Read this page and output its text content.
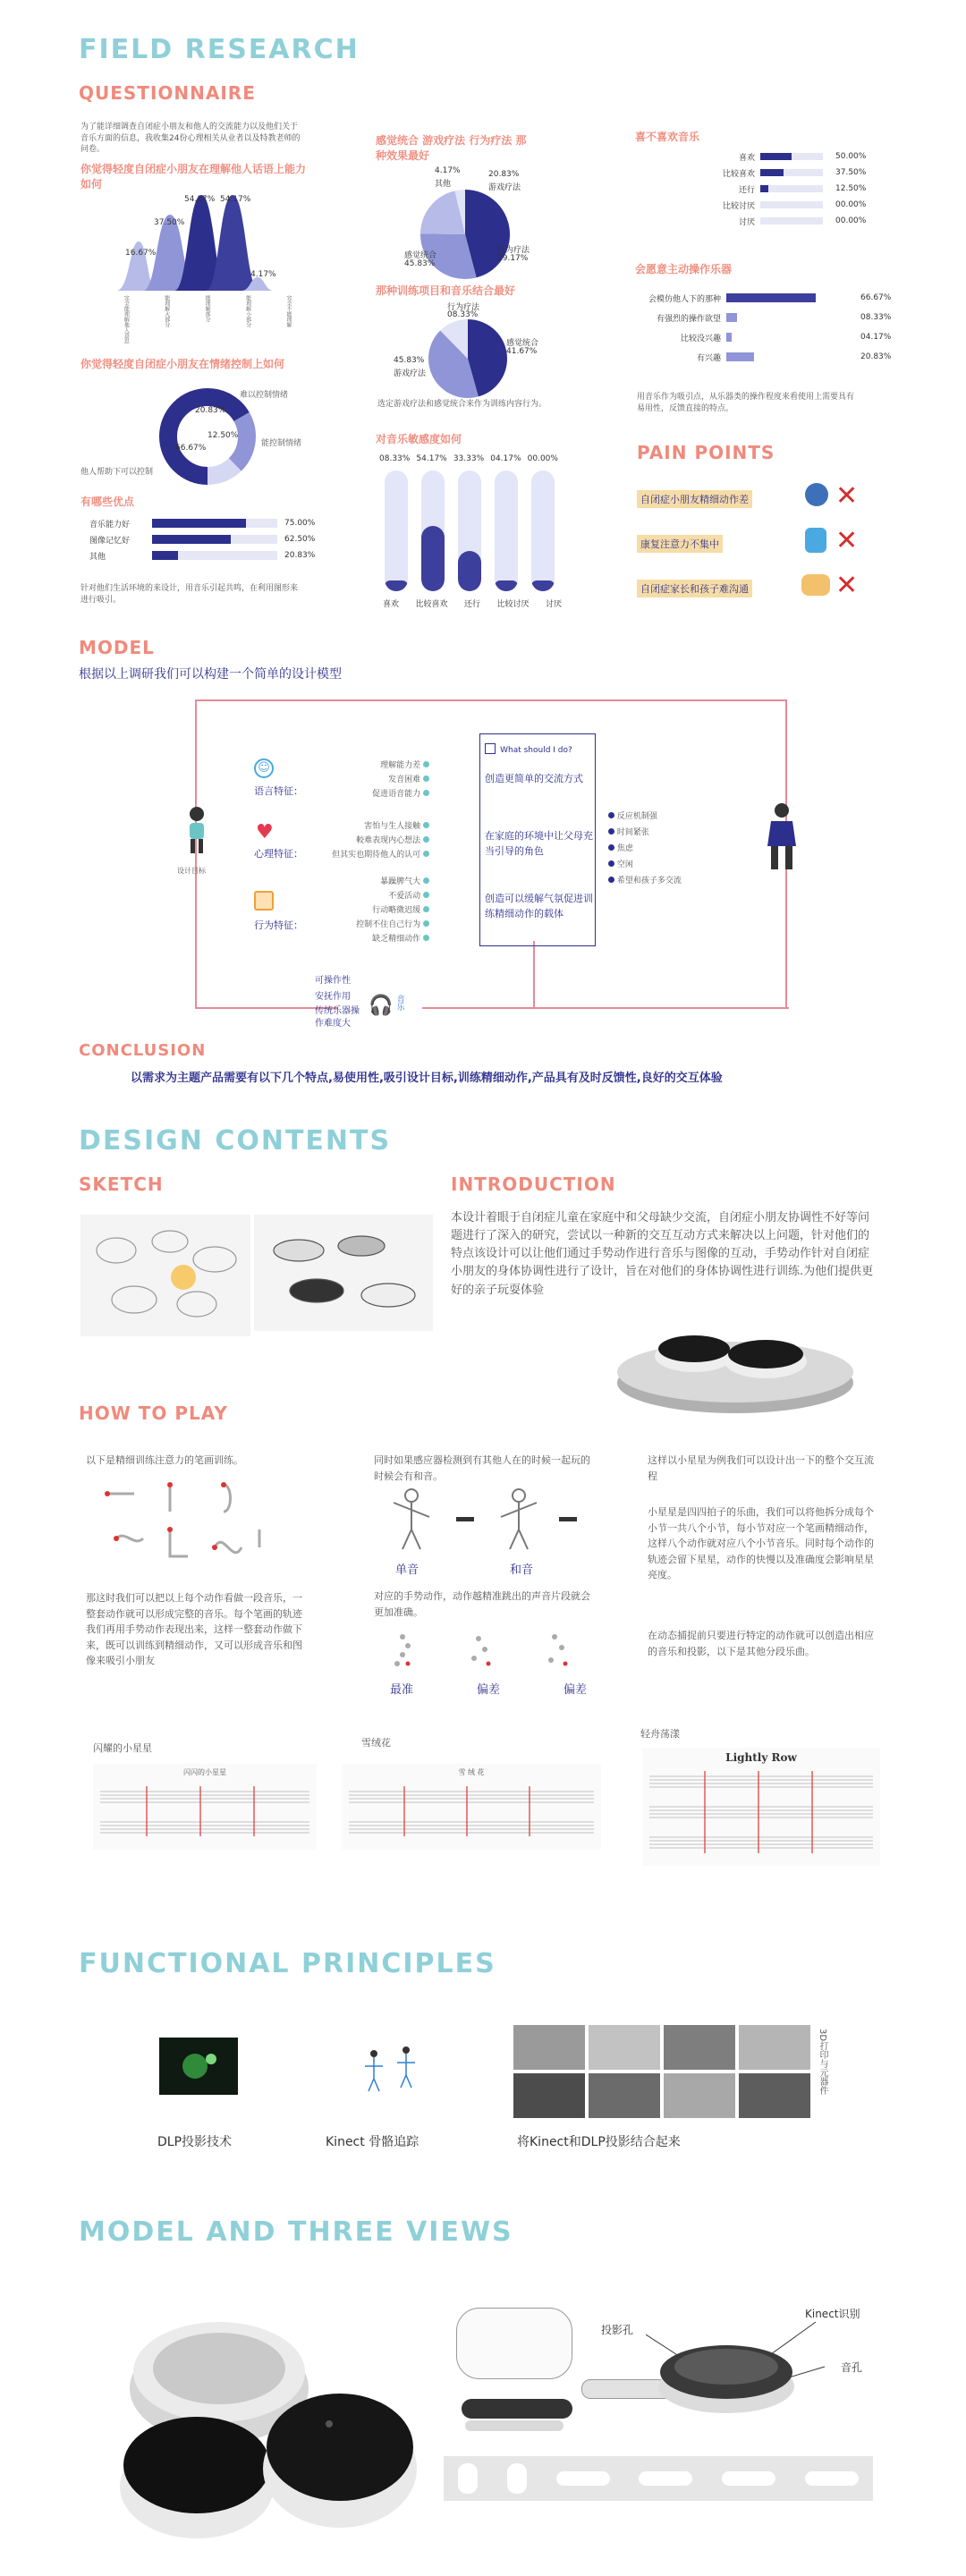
FIELD RESEARCH
QUESTIONNAIRE
为了能详细调查自闭症小朋友和他人的交流能力以及他们关于音乐方面的信息，我收集24份心理相关从业者以及特教老师的问卷。
你觉得轻度自闭症小朋友在理解他人话语上能力如何
16.67%
37.50%
54.17% 54.17%
4.17%
完全能理解他人意思	能理解大部分	能理解部分	能理解小部分	完全不能理解
你觉得轻度自闭症小朋友在情绪控制上如何
20.83%
12.50%
66.67%
难以控制情绪
能控制情绪
他人帮助下可以控制
有哪些优点
音乐能力好	75.00%
图像记忆好	62.50%
其他	20.83%
针对他们生活环境的来设计，用音乐引起共鸣，在利用图形来进行吸引。
感觉统合 游戏疗法 行为疗法 那种效果最好
4.17%
其他
20.83%
游戏疗法
感觉统合
45.83%
行为疗法
29.17%
那种训练项目和音乐结合最好
行为疗法
08.33%
感觉统合
41.67%
45.83%
游戏疗法
选定游戏疗法和感觉统合来作为训练内容行为。
对音乐敏感度如何
08.33% 54.17% 33.33% 04.17% 00.00%
喜欢 比较喜欢 还行 比较讨厌 讨厌
喜不喜欢音乐
喜欢	50.00%
比较喜欢	37.50%
还行	12.50%
比较讨厌	00.00%
讨厌	00.00%
会愿意主动操作乐器
会模仿他人下的那种	66.67%
有强烈的操作欲望	08.33%
比较没兴趣	04.17%
有兴趣	20.83%
用音乐作为吸引点，从乐器类的操作程度来看使用上需要具有易用性，反馈直接的特点。
PAIN POINTS
自闭症小朋友精细动作差
康复注意力不集中
自闭症家长和孩子难沟通
✕
✕
✕
MODEL
根据以上调研我们可以构建一个简单的设计模型
设计目标
☺
语言特征：
理解能力差
发音困难
促进语音能力
♥
心理特征：
害怕与生人接触
較难表现内心想法
但其实也期待他人的认可
行为特征：
暴躁脾气大
不爱活动
行动略微迟缓
控制不住自己行为
缺乏精细动作
What should I do?
创造更简单的交流方式
在家庭的环境中让父母充当引导的角色
创造可以缓解气氛促进训练精细动作的载体
反应机制强
时间紧张
焦虑
空闲
希望和孩子多交流
可操作性
安抚作用
传统乐器操作难度大
🎧 音乐
CONCLUSION
以需求为主题产品需要有以下几个特点,易使用性,吸引设计目标,训练精细动作,产品具有及时反馈性,良好的交互体验
DESIGN CONTENTS
SKETCH	INTRODUCTION
本设计着眼于自闭症儿童在家庭中和父母缺少交流，自闭症小朋友协调性不好等问题进行了深入的研究，尝试以一种新的交互互动方式来解决以上问题，针对他们的特点该设计可以让他们通过手势动作进行音乐与图像的互动，手势动作针对自闭症小朋友的身体协调性进行了设计，旨在对他们的身体协调性进行训练.为他们提供更好的亲子玩耍体验
HOW TO PLAY
以下是精细训练注意力的笔画训练。
那这时我们可以把以上每个动作看做一段音乐，一整套动作就可以形成完整的音乐。每个笔画的轨迹我们再用手势动作表现出来，这样一整套动作做下来，既可以训练到精细动作，又可以形成音乐和图像来吸引小朋友
同时如果感应器检测到有其他人在的时候一起玩的时候会有和音。
单音	和音
对应的手势动作，动作越精准跳出的声音片段就会更加准确。
最准	偏差	偏差
这样以小星星为例我们可以设计出一下的整个交互流程
小星星是四四拍子的乐曲，我们可以将他拆分成每个小节一共八个小节，每小节对应一个笔画精细动作，这样八个动作就对应八个小节音乐。同时每个动作的轨迹会留下星星，动作的快慢以及准确度会影响星星亮度。
在动态捕捉前只要进行特定的动作就可以创造出相应的音乐和投影，以下是其他分段乐曲。
闪耀的小星星
闪闪的小星星
雪绒花
雪 绒 花
轻舟荡漾
Lightly Row
FUNCTIONAL PRINCIPLES
3D打印与元器件
DLP投影技术	Kinect 骨骼追踪	将Kinect和DLP投影结合起来
MODEL AND THREE VIEWS
投影孔
Kinect识别
音孔
